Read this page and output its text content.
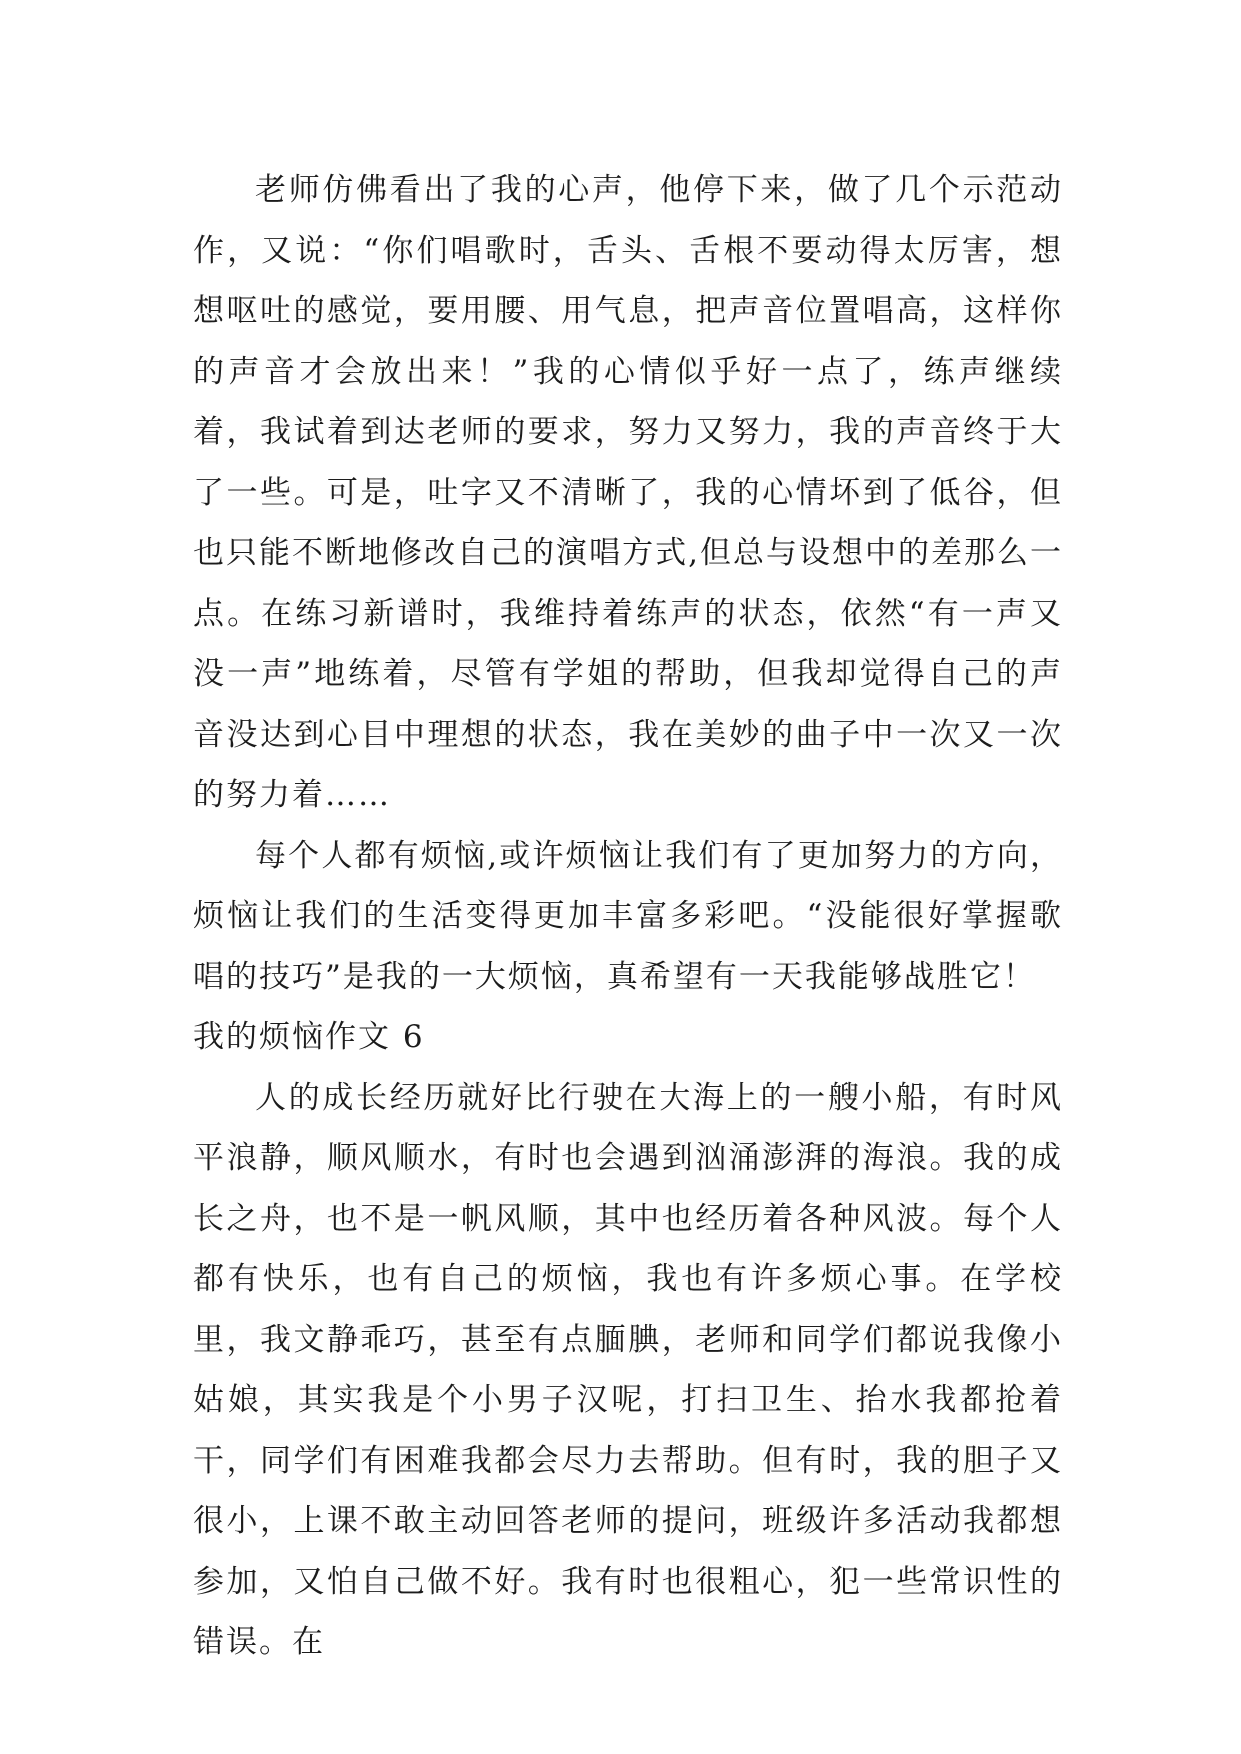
老师仿佛看出了我的心声，他停下来，做了几个示范动作，又说：“你们唱歌时，舌头、舌根不要动得太厉害，想想呕吐的感觉，要用腰、用气息，把声音位置唱高，这样你的声音才会放出来！”我的心情似乎好一点了，练声继续着，我试着到达老师的要求，努力又努力，我的声音终于大了一些。可是，吐字又不清晰了，我的心情坏到了低谷，但也只能不断地修改自己的演唱方式,但总与设想中的差那么一点。在练习新谱时，我维持着练声的状态，依然“有一声又没一声”地练着，尽管有学姐的帮助，但我却觉得自己的声音没达到心目中理想的状态，我在美妙的曲子中一次又一次的努力着……

每个人都有烦恼,或许烦恼让我们有了更加努力的方向，烦恼让我们的生活变得更加丰富多彩吧。“没能很好掌握歌唱的技巧”是我的一大烦恼，真希望有一天我能够战胜它！

我的烦恼作文 6

人的成长经历就好比行驶在大海上的一艘小船，有时风平浪静，顺风顺水，有时也会遇到汹涌澎湃的海浪。我的成长之舟，也不是一帆风顺，其中也经历着各种风波。每个人都有快乐，也有自己的烦恼，我也有许多烦心事。在学校里，我文静乖巧，甚至有点腼腆，老师和同学们都说我像小姑娘，其实我是个小男子汉呢，打扫卫生、抬水我都抢着干，同学们有困难我都会尽力去帮助。但有时，我的胆子又很小，上课不敢主动回答老师的提问，班级许多活动我都想参加，又怕自己做不好。我有时也很粗心，犯一些常识性的错误。在
